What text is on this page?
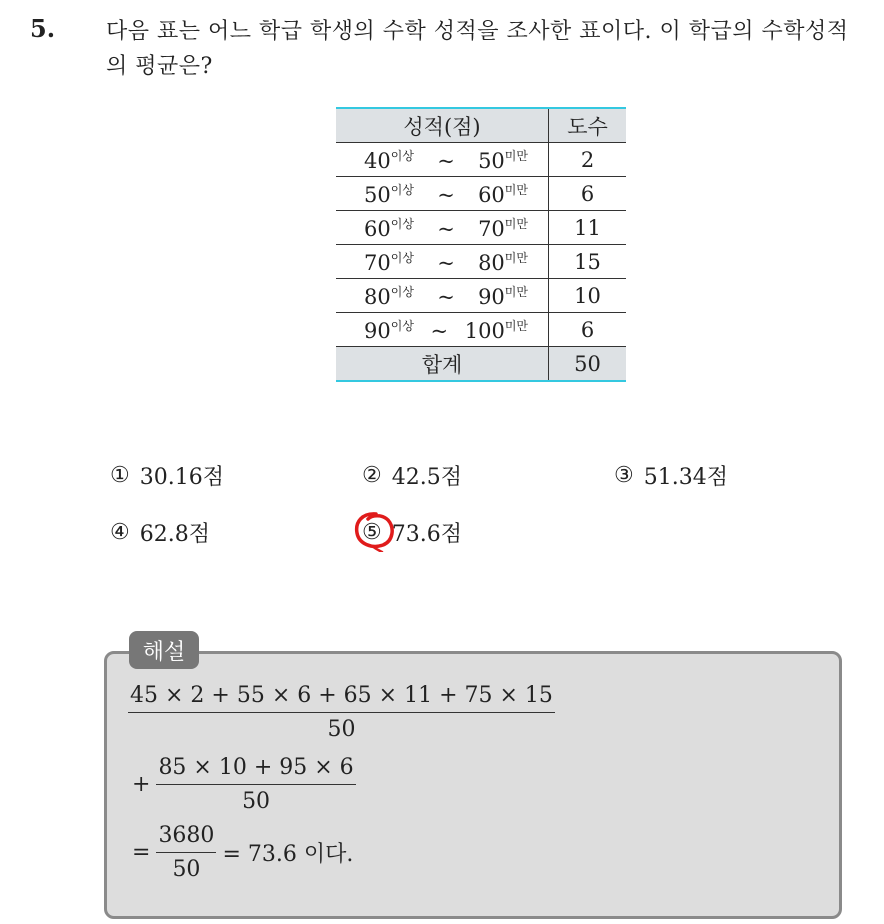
5. 다음 표는 어느 학급 학생의 수학 성적을 조사한 표이다. 이 학급의 수학성적의 평균은?
성적(점)	도수

$40^{이상}$ ~ $50^{미만}$	2

$50^{이상}$ ~ $60^{미만}$	6

$60^{이상}$ ~ $70^{미만}$	11

$70^{이상}$ ~ $80^{미만}$	15

$80^{이상}$ ~ $90^{미만}$	10

$90^{이상}$ ~ $100^{미만}$	6
합계	50
① 30.16점	② 42.5점	③ 51.34점
④ 62.8점	⑤ 73.6점
해설
$\frac{45 \times 2 + 55 \times 6 + 65 \times 11 + 75 \times 15}{50}$
+ $\frac{85 \times 10 + 95 \times 6}{50}$
= $\frac{3680}{50} = 73.6$ 이다.
